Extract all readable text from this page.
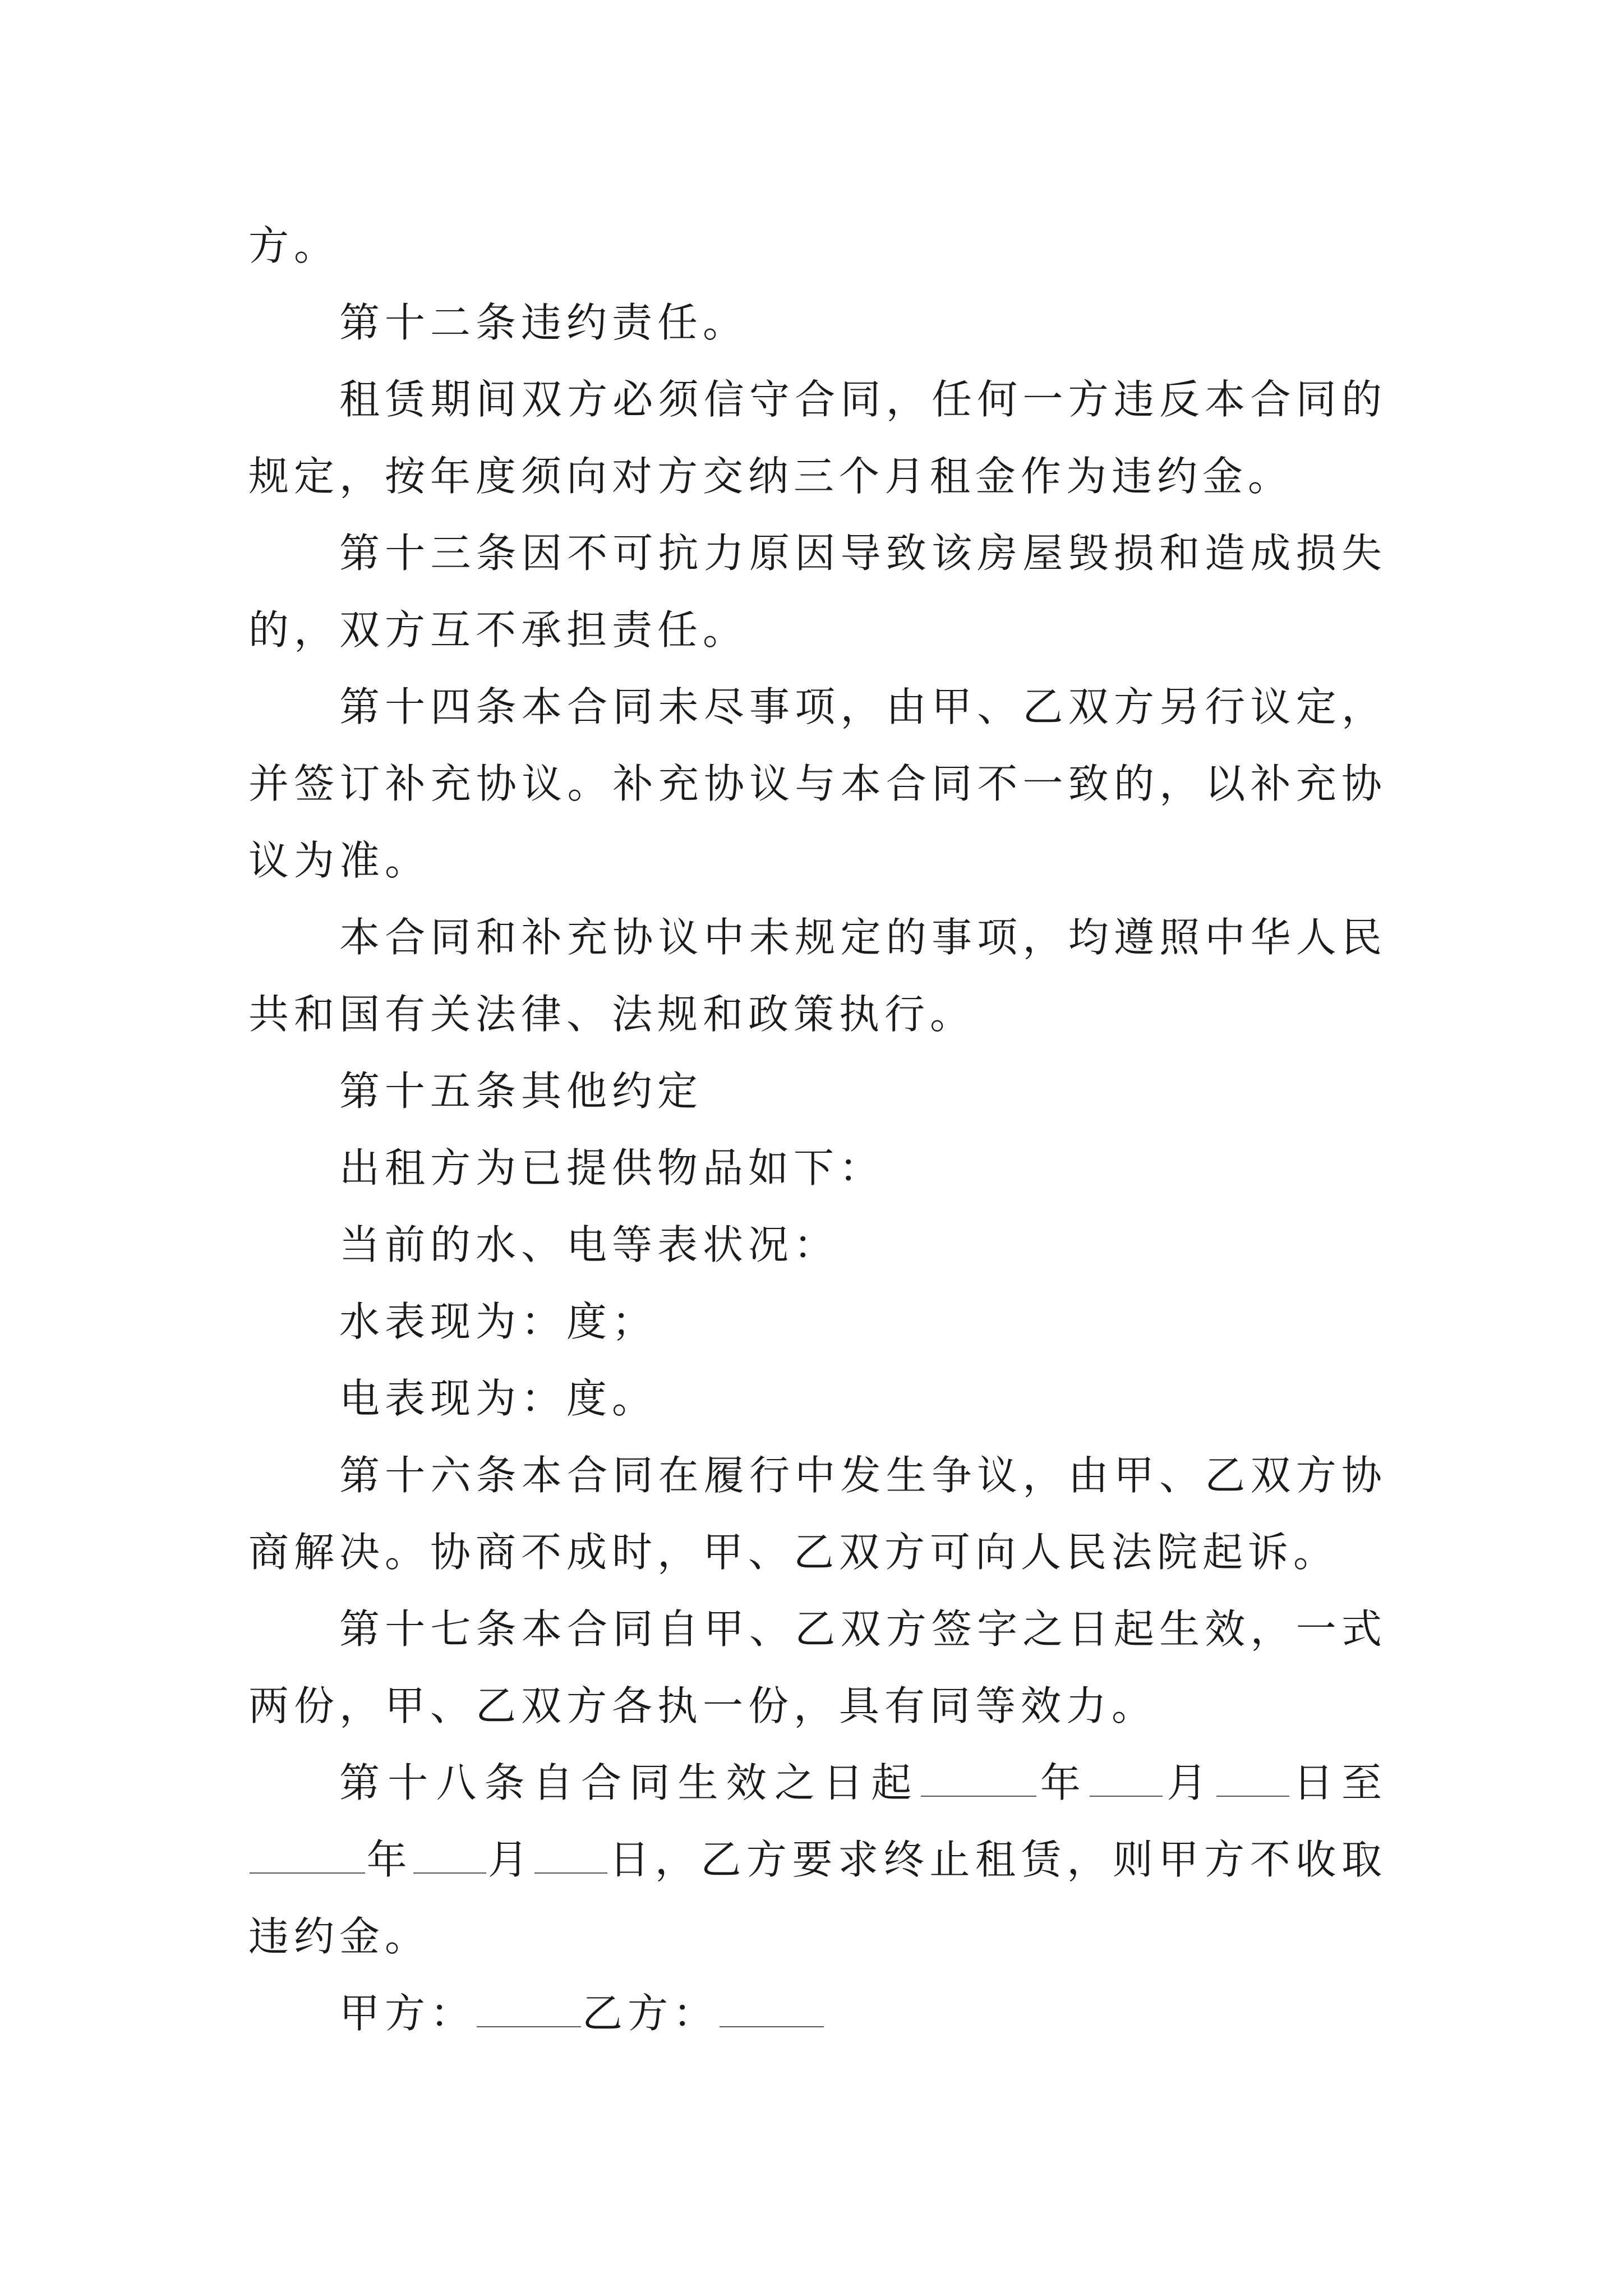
方。

第十二条违约责任。

租赁期间双方必须信守合同，任何一方违反本合同的规定，按年度须向对方交纳三个月租金作为违约金。

第十三条因不可抗力原因导致该房屋毁损和造成损失的，双方互不承担责任。

第十四条本合同未尽事项，由甲、乙双方另行议定，并签订补充协议。补充协议与本合同不一致的，以补充协议为准。

本合同和补充协议中未规定的事项，均遵照中华人民共和国有关法律、法规和政策执行。

第十五条其他约定

出租方为已提供物品如下：

当前的水、电等表状况：

水表现为：度；

电表现为：度。

第十六条本合同在履行中发生争议，由甲、乙双方协商解决。协商不成时，甲、乙双方可向人民法院起诉。

第十七条本合同自甲、乙双方签字之日起生效，一式两份，甲、乙双方各执一份，具有同等效力。

第十八条自合同生效之日起	年 月 日至年 月 日，乙方要求终止租赁，则甲方不收取违约金。

甲方：	乙方：
